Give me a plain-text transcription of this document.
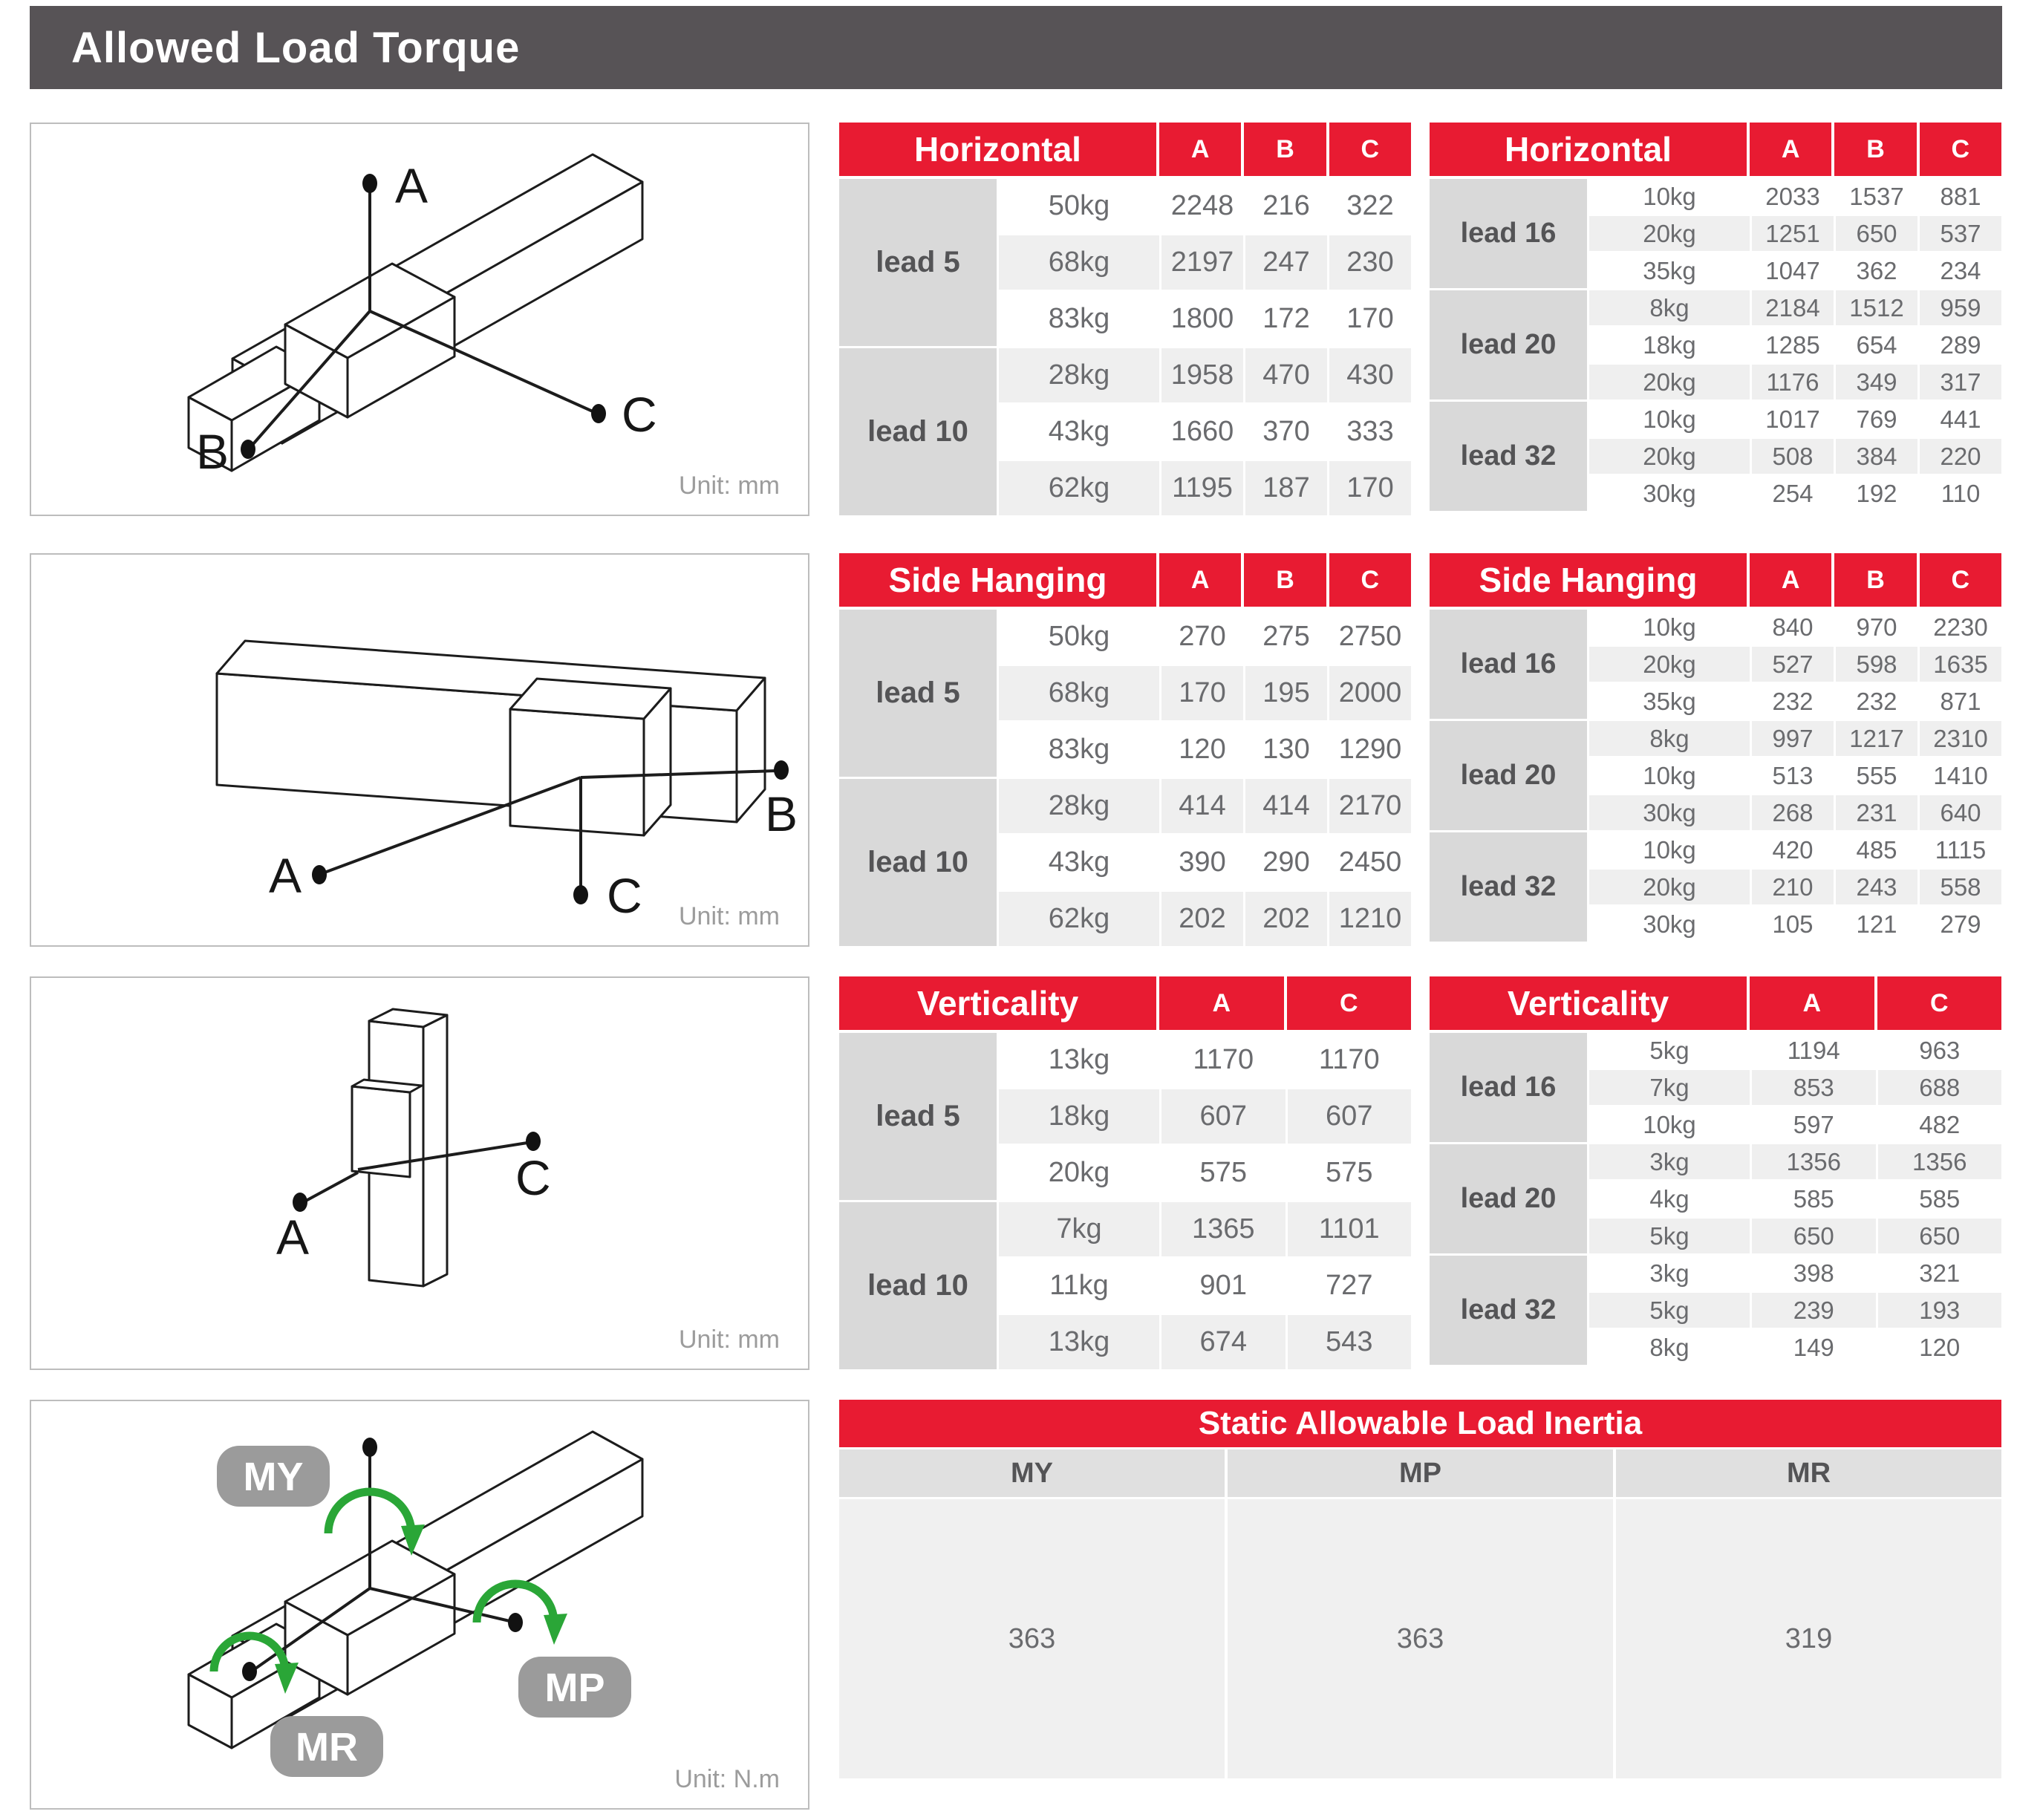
Allowed Load Torque
A
B
C
Unit: mm
A
B
C Unit: mm
A
C
Unit: mm
MY
MP
MR
Unit: N.m
Horizontal	A	B	C
lead 5
50kg	2248	216	322
68kg	2197	247	230
83kg	1800	172	170
lead 10
28kg	1958	470	430
43kg	1660	370	333
62kg	1195	187	170
Horizontal	A	B	C
lead 16
10kg	2033	1537	881
20kg	1251	650	537
35kg	1047	362	234
lead 20
8kg	2184	1512	959
18kg	1285	654	289
20kg	1176	349	317
lead 32
10kg	1017	769	441
20kg	508	384	220
30kg	254	192	110
Side Hanging	A	B	C
lead 5
50kg	270	275	2750
68kg	170	195	2000
83kg	120	130	1290
lead 10
28kg	414	414	2170
43kg	390	290	2450
62kg	202	202	1210
Side Hanging	A	B	C
lead 16
10kg	840	970	2230
20kg	527	598	1635
35kg	232	232	871
lead 20
8kg	997	1217	2310
10kg	513	555	1410
30kg	268	231	640
lead 32
10kg	420	485	1115
20kg	210	243	558
30kg	105	121	279
Verticality	A	C
lead 5
13kg	1170	1170
18kg	607	607
20kg	575	575
lead 10
7kg	1365	1101
11kg	901	727
13kg	674	543
Verticality	A	C
lead 16
5kg	1194	963
7kg	853	688
10kg	597	482
lead 20
3kg	1356	1356
4kg	585	585
5kg	650	650
lead 32
3kg	398	321
5kg	239	193
8kg	149	120
Static Allowable Load Inertia
MY	MP	MR
363	363	319
